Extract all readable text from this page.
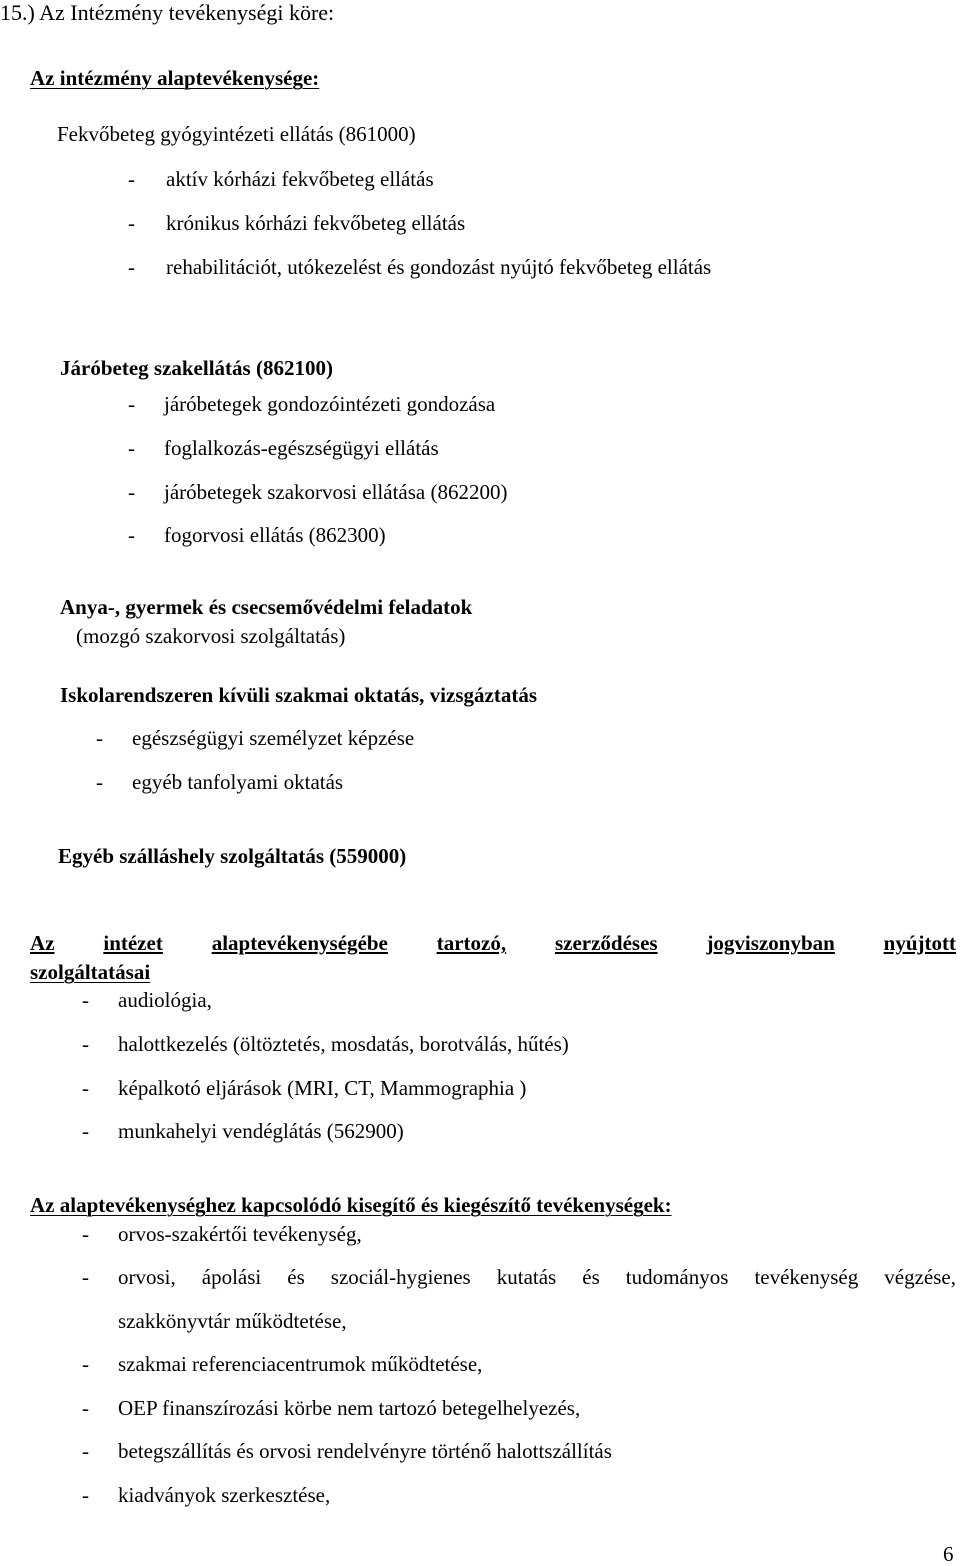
15.) Az Intézmény tevékenységi köre:
Az intézmény alaptevékenysége:
Fekvőbeteg gyógyintézeti ellátás (861000)
- aktív kórházi fekvőbeteg ellátás
- krónikus kórházi fekvőbeteg ellátás
- rehabilitációt, utókezelést és gondozást nyújtó fekvőbeteg ellátás
Járóbeteg szakellátás (862100)
- járóbetegek gondozóintézeti gondozása
- foglalkozás-egészségügyi ellátás
- járóbetegek szakorvosi ellátása (862200)
- fogorvosi ellátás (862300)
Anya-, gyermek és csecsemővédelmi feladatok
(mozgó szakorvosi szolgáltatás)
Iskolarendszeren kívüli szakmai oktatás, vizsgáztatás
- egészségügyi személyzet képzése
- egyéb tanfolyami oktatás
Egyéb szálláshely szolgáltatás (559000)
Az intézet alaptevékenységébe tartozó, szerződéses jogviszonyban nyújtott
szolgáltatásai
- audiológia,
- halottkezelés (öltöztetés, mosdatás, borotválás, hűtés)
- képalkotó eljárások (MRI, CT, Mammographia )
- munkahelyi vendéglátás (562900)
Az alaptevékenységhez kapcsolódó kisegítő és kiegészítő tevékenységek:
- orvos-szakértői tevékenység,
- orvosi, ápolási és szociál-hygienes kutatás és tudományos tevékenység végzése,
szakkönyvtár működtetése,
- szakmai referenciacentrumok működtetése,
- OEP finanszírozási körbe nem tartozó betegelhelyezés,
- betegszállítás és orvosi rendelvényre történő halottszállítás
- kiadványok szerkesztése,
6
